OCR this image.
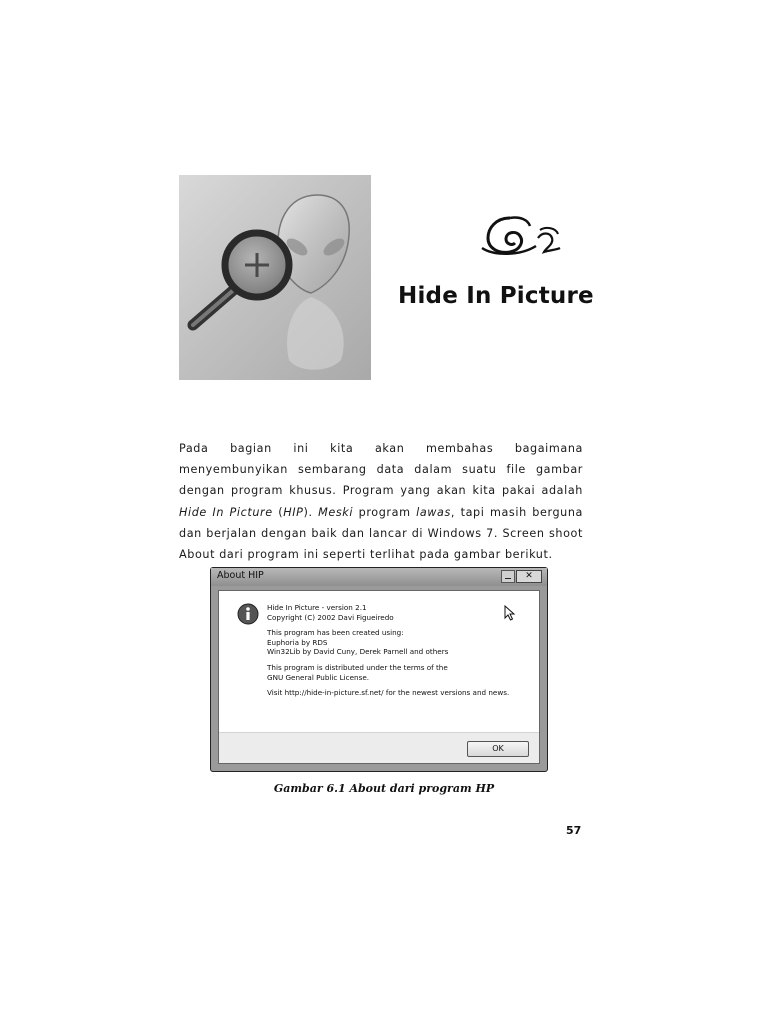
Hide In Picture
Pada bagian ini kita akan membahas bagaimana menyembunyikan sembarang data dalam suatu file gambar dengan program khusus. Program yang akan kita pakai adalah Hide In Picture (HIP). Meski program lawas, tapi masih berguna dan berjalan dengan baik dan lancar di Windows 7. Screen shoot About dari program ini seperti terlihat pada gambar berikut.
About HIP	✕

Hide In Picture - version 2.1
Copyright (C) 2002 Davi Figueiredo

This program has been created using:
Euphoria by RDS
Win32Lib by David Cuny, Derek Parnell and others

This program is distributed under the terms of the
GNU General Public License.

Visit http://hide-in-picture.sf.net/ for the newest versions and news.

OK
Gambar 6.1 About dari program HP
57
